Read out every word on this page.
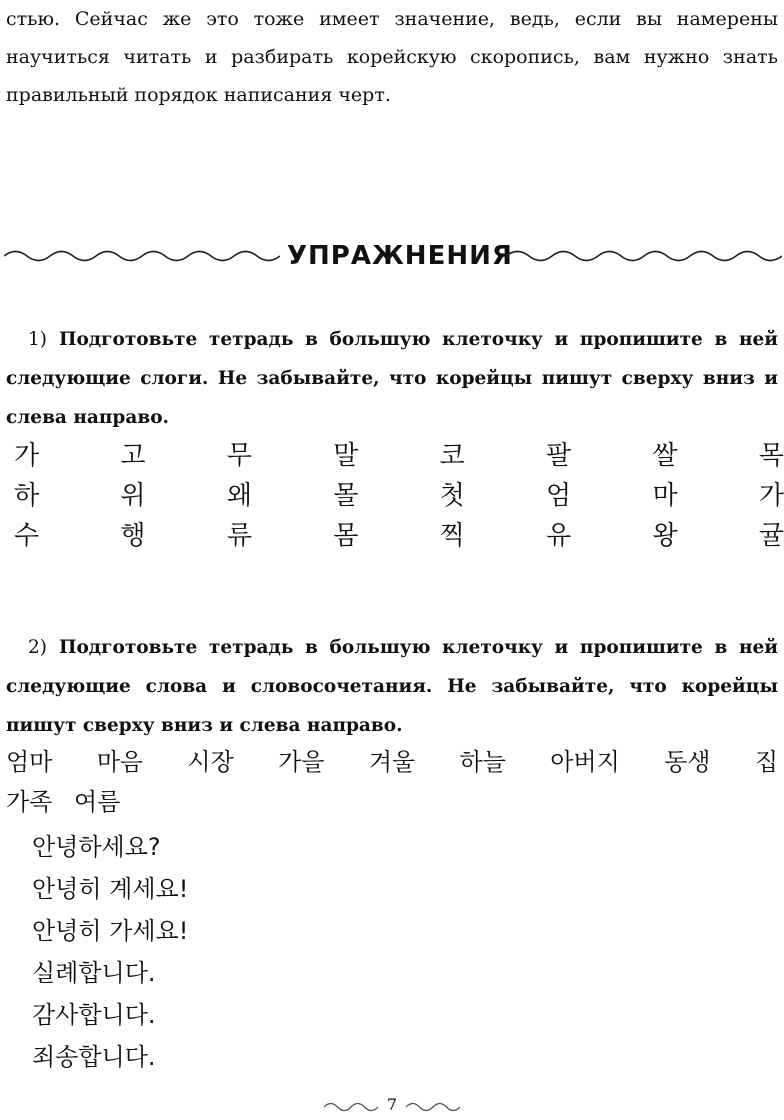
стью. Сейчас же это тоже имеет значение, ведь, если вы намерены научиться читать и разбирать корейскую скоропись, вам нужно знать правильный порядок написания черт.

УПРАЖНЕНИЯ
1) Подготовьте тетрадь в большую клеточку и пропишите в ней следующие слоги. Не забывайте, что корейцы пишут сверху вниз и слева направо.
가	고	무	말	코	팔	쌀	목
하	위	왜	몰	첫	엄	마	가
수	행	류	몸	찍	유	왕	귤
2) Подготовьте тетрадь в большую клеточку и пропишите в ней следующие слова и словосочетания. Не забывайте, что корейцы пишут сверху вниз и слева направо.
엄마 마음 시장 가을 겨울 하늘 아버지 동생 집
가족 여름
안녕하세요?
안녕히 계세요!
안녕히 가세요!
실례합니다.
감사합니다.
죄송합니다.
7
